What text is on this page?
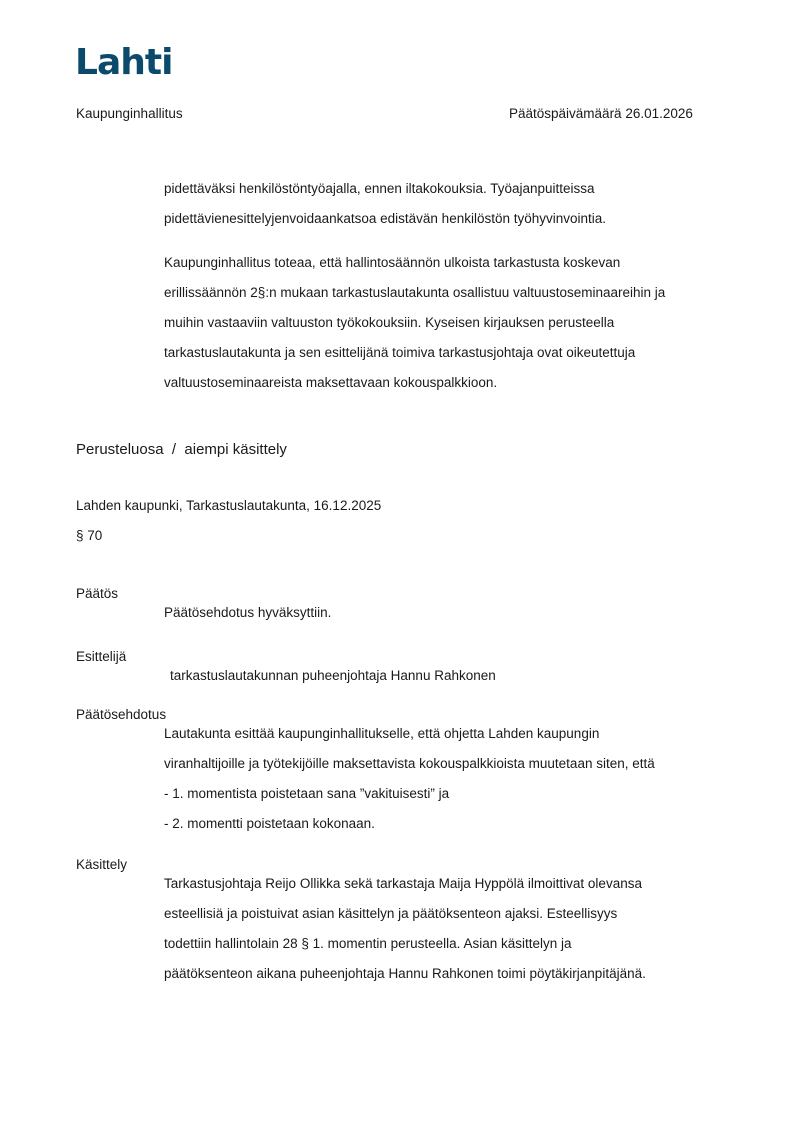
Lahti
Kaupunginhallitus	Päätöspäivämäärä 26.01.2026

pidettäväksi henkilöstöntyöajalla, ennen iltakokouksia. Työajanpuitteissa

pidettävienesittelyjenvoidaankatsoa edistävän henkilöstön työhyvinvointia.

Kaupunginhallitus toteaa, että hallintosäännön ulkoista tarkastusta koskevan

erillissäännön 2§:n mukaan tarkastuslautakunta osallistuu valtuustoseminaareihin ja

muihin vastaaviin valtuuston työkokouksiin. Kyseisen kirjauksen perusteella

tarkastuslautakunta ja sen esittelijänä toimiva tarkastusjohtaja ovat oikeutettuja

valtuustoseminaareista maksettavaan kokouspalkkioon.

Perusteluosa  /  aiempi käsittely
Lahden kaupunki, Tarkastuslautakunta, 16.12.2025
§ 70
Päätös
Päätösehdotus hyväksyttiin.
Esittelijä
tarkastuslautakunnan puheenjohtaja Hannu Rahkonen
Päätösehdotus

Lautakunta esittää kaupunginhallitukselle, että ohjetta Lahden kaupungin

viranhaltijoille ja työtekijöille maksettavista kokouspalkkioista muutetaan siten, että

- 1. momentista poistetaan sana ”vakituisesti” ja

- 2. momentti poistetaan kokonaan.

Käsittely

Tarkastusjohtaja Reijo Ollikka sekä tarkastaja Maija Hyppölä ilmoittivat olevansa

esteellisiä ja poistuivat asian käsittelyn ja päätöksenteon ajaksi. Esteellisyys

todettiin hallintolain 28 § 1. momentin perusteella. Asian käsittelyn ja

päätöksenteon aikana puheenjohtaja Hannu Rahkonen toimi pöytäkirjanpitäjänä.
